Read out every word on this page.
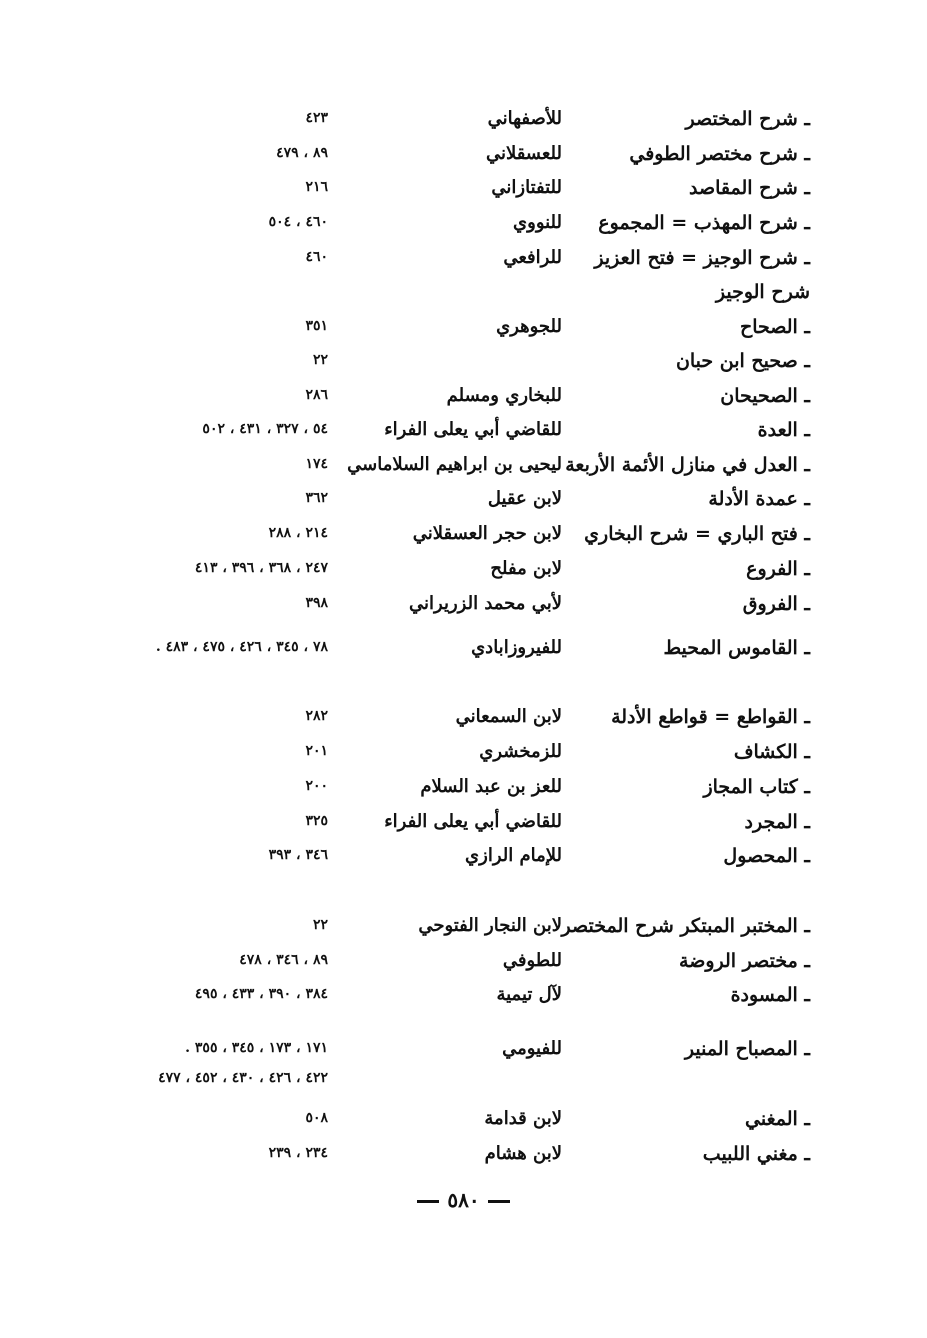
ـ شرح المختصر
للأصفهاني
٤٢٣
ـ شرح مختصر الطوفي
للعسقلاني
٨٩ ، ٤٧٩
ـ شرح المقاصد
للتفتازاني
٢١٦
ـ شرح المهذب = المجموع
للنووي
٤٦٠ ، ٥٠٤
ـ شرح الوجيز = فتح العزيز
شرح الوجيز
للرافعي
٤٦٠
ـ الصحاح
للجوهري
٣٥١
ـ صحيح ابن حبان
٢٢
ـ الصحيحان
للبخاري ومسلم
٢٨٦
ـ العدة
للقاضي أبي يعلى الفراء
٥٤ ، ٣٢٧ ، ٤٣١ ، ٥٠٢
ـ العدل في منازل الأئمة الأربعة
ليحيى بن ابراهيم السلاماسي
١٧٤
ـ عمدة الأدلة
لابن عقيل
٣٦٢
ـ فتح الباري = شرح البخاري
لابن حجر العسقلاني
٢١٤ ، ٢٨٨
ـ الفروع
لابن مفلح
٢٤٧ ، ٣٦٨ ، ٣٩٦ ، ٤١٣
ـ الفروق
لأبي محمد الزريراني
٣٩٨
ـ القاموس المحيط
للفيروزابادي
٧٨ ، ٣٤٥ ، ٤٢٦ ، ٤٧٥ ، ٤٨٣ .
ـ القواطع = قواطع الأدلة
لابن السمعاني
٢٨٢
ـ الكشاف
للزمخشري
٢٠١
ـ كتاب المجاز
للعز بن عبد السلام
٢٠٠
ـ المجرد
للقاضي أبي يعلى الفراء
٣٢٥
ـ المحصول
للإمام الرازي
٣٤٦ ، ٣٩٣
ـ المختبر المبتكر شرح المختصر
لابن النجار الفتوحي
٢٢
ـ مختصر الروضة
للطوفي
٨٩ ، ٣٤٦ ، ٤٧٨
ـ المسودة
لآل تيمية
٣٨٤ ، ٣٩٠ ، ٤٣٣ ، ٤٩٥
ـ المصباح المنير
للفيومي
١٧١ ، ١٧٣ ، ٣٤٥ ، ٣٥٥ .
٤٢٢ ، ٤٢٦ ، ٤٣٠ ، ٤٥٢ ، ٤٧٧
ـ المغني
لابن قدامة
٥٠٨
ـ مغني اللبيب
لابن هشام
٢٣٤ ، ٢٣٩
٥٨٠
